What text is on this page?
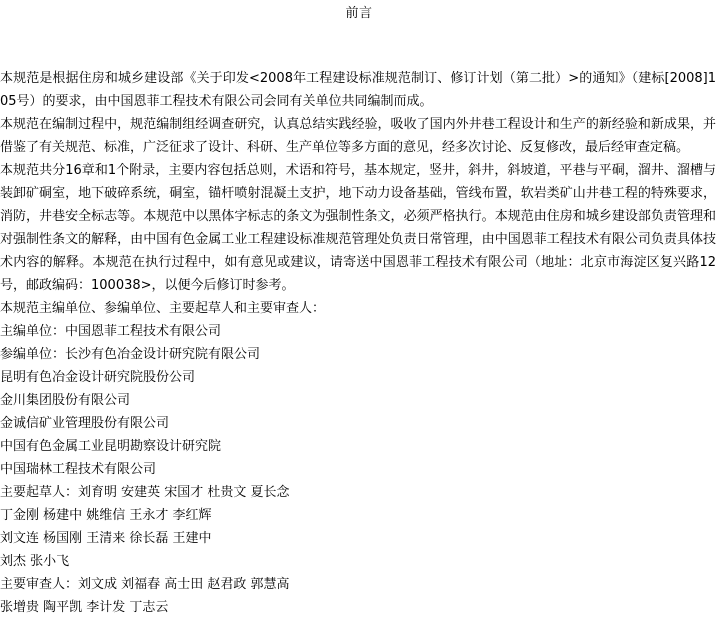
前言

本规范是根据住房和城乡建设部《关于印发<2008年工程建设标准规范制订、修订计划（第二批）>的通知》（建标[2008]105号）的要求，由中国恩菲工程技术有限公司会同有关单位共同编制而成。

本规范在编制过程中，规范编制组经调查研究，认真总结实践经验，吸收了国内外井巷工程设计和生产的新经验和新成果，并借鉴了有关规范、标准，广泛征求了设计、科研、生产单位等多方面的意见，经多次讨论、反复修改，最后经审查定稿。

本规范共分16章和1个附录，主要内容包括总则，术语和符号，基本规定，竖井，斜井，斜坡道，平巷与平硐，溜井、溜槽与装卸矿硐室，地下破碎系统，硐室，锚杆喷射混凝土支护，地下动力设备基础，管线布置，软岩类矿山井巷工程的特殊要求，消防，井巷安全标志等。本规范中以黑体字标志的条文为强制性条文，必须严格执行。本规范由住房和城乡建设部负责管理和对强制性条文的解释，由中国有色金属工业工程建设标准规范管理处负责日常管理，由中国恩菲工程技术有限公司负责具体技术内容的解释。本规范在执行过程中，如有意见或建议，请寄送中国恩菲工程技术有限公司（地址：北京市海淀区复兴路12号，邮政编码：100038>，以便今后修订时参考。

本规范主编单位、参编单位、主要起草人和主要审查人：

主编单位：中国恩菲工程技术有限公司

参编单位：长沙有色冶金设计研究院有限公司

昆明有色冶金设计研究院股份公司

金川集团股份有限公司

金诚信矿业管理股份有限公司

中国有色金属工业昆明勘察设计研究院

中国瑞林工程技术有限公司

主要起草人：刘育明 安建英 宋国才 杜贵文 夏长念

丁金刚 杨建中 姚维信 王永才 李红辉

刘文连 杨国刚 王清来 徐长磊 王建中

刘杰 张小飞

主要审查人：刘文成 刘福春 高士田 赵君政 郭慧高

张增贵 陶平凯 李计发 丁志云
